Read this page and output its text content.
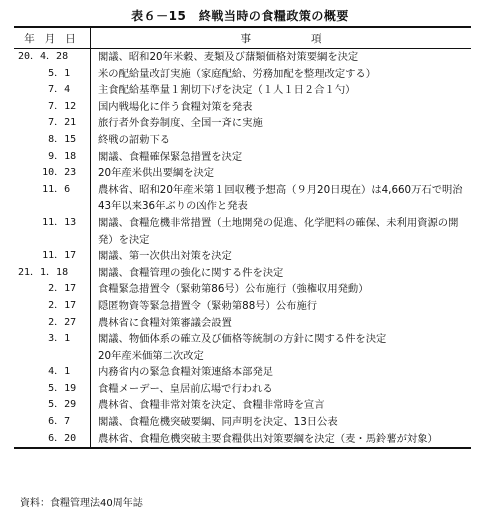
表６－15　終戦当時の食糧政策の概要
年月日	事項
20．4．28	閣議、昭和20年米穀、麦類及び藷類価格対策要綱を決定
5．1	米の配給量改訂実施（家庭配給、労務加配を整理改定する）
7．4	主食配給基準量１割切下げを決定（１人１日２合１勺）
7．12	国内戦場化に伴う食糧対策を発表
7．21	旅行者外食券制度、全国一斉に実施
8．15	終戦の詔勅下る
9．18	閣議、食糧確保緊急措置を決定
10．23	20年産米供出要綱を決定
11．6	農林省、昭和20年産米第１回収穫予想高（９月20日現在）は4,660万石で明治43年以来36年ぶりの凶作と発表
11．13	閣議、食糧危機非常措置（土地開発の促進、化学肥料の確保、未利用資源の開発）を決定
11．17	閣議、第一次供出対策を決定
21．1．18	閣議、食糧管理の強化に関する件を決定
2．17	食糧緊急措置令（緊勅第86号）公布施行（強権収用発動）
2．17	隠匿物資等緊急措置令（緊勅第88号）公布施行
2．27	農林省に食糧対策審議会設置
3．1	閣議、物価体系の確立及び価格等統制の方針に関する件を決定
20年産米価第二次改定
4．1	内務省内の緊急食糧対策連絡本部発足
5．19	食糧メーデー、皇居前広場で行われる
5．29	農林省、食糧非常対策を決定、食糧非常時を宣言
6．7	閣議、食糧危機突破要綱、同声明を決定、13日公表
6．20	農林省、食糧危機突破主要食糧供出対策要綱を決定（麦・馬鈴薯が対象）
資料：食糧管理法40周年誌
